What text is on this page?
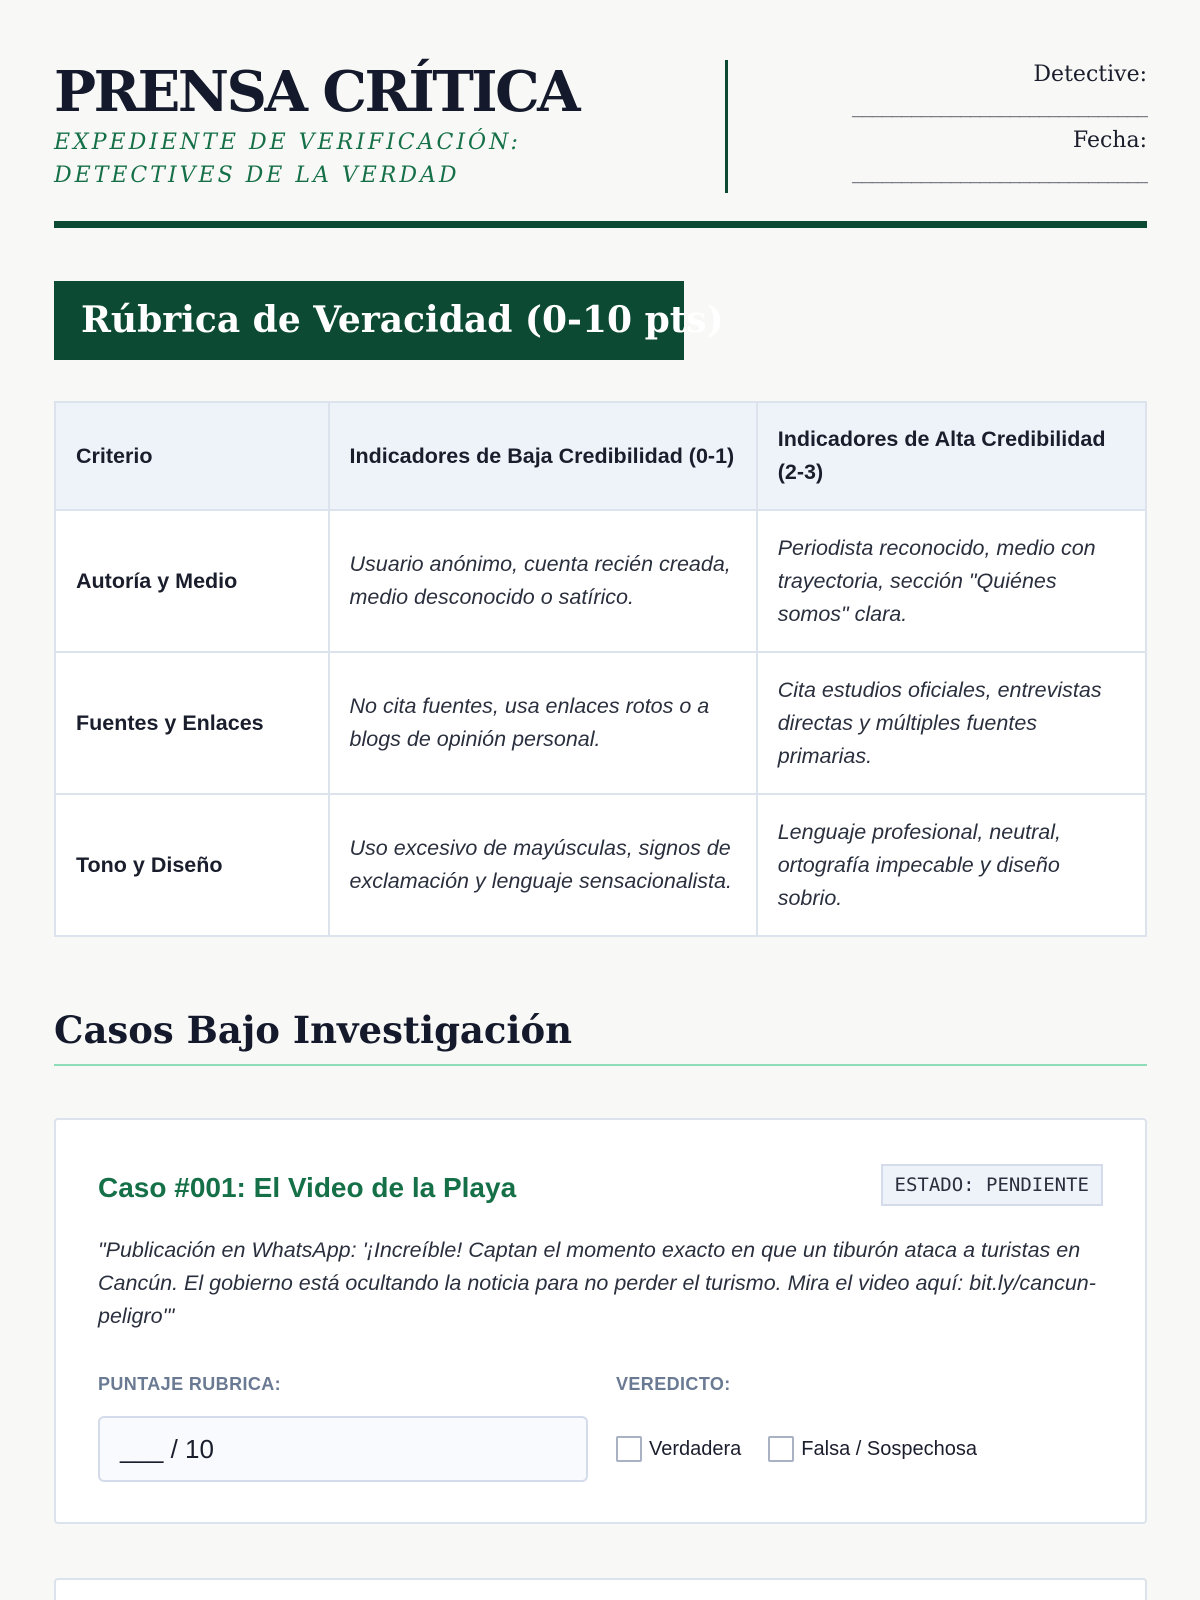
PRENSA CRÍTICA
EXPEDIENTE DE VERIFICACIÓN: DETECTIVES DE LA VERDAD
Detective:
______________________________
Fecha:
______________________________
Rúbrica de Veracidad (0-10 pts)
Criterio	Indicadores de Baja Credibilidad (0-1)	Indicadores de Alta Credibilidad (2-3)
Autoría y Medio	Usuario anónimo, cuenta recién creada, medio desconocido o satírico.	Periodista reconocido, medio con trayectoria, sección "Quiénes somos" clara.
Fuentes y Enlaces	No cita fuentes, usa enlaces rotos o a blogs de opinión personal.	Cita estudios oficiales, entrevistas directas y múltiples fuentes primarias.
Tono y Diseño	Uso excesivo de mayúsculas, signos de exclamación y lenguaje sensacionalista.	Lenguaje profesional, neutral, ortografía impecable y diseño sobrio.
Casos Bajo Investigación
Caso #001: El Video de la Playa	ESTADO: PENDIENTE
"Publicación en WhatsApp: '¡Increíble! Captan el momento exacto en que un tiburón ataca a turistas en Cancún. El gobierno está ocultando la noticia para no perder el turismo. Mira el video aquí: bit.ly/cancun-peligro'"
PUNTAJE RUBRICA:
___ / 10
VEREDICTO:
Verdadera	Falsa / Sospechosa
